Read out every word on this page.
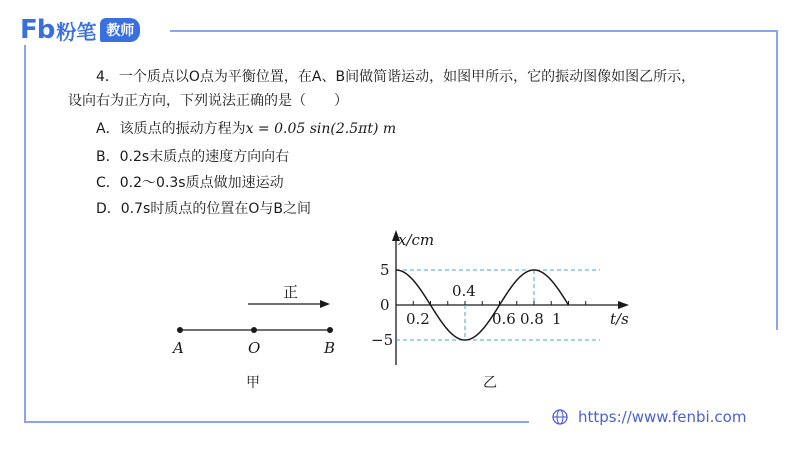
Fb 粉笔 教师
4．一个质点以O点为平衡位置，在A、B间做简谐运动，如图甲所示，它的振动图像如图乙所示，
设向右为正方向，下列说法正确的是（　　）
A．该质点的振动方程为x = 0.05 sin(2.5πt) m
B．0.2s末质点的速度方向向右
C．0.2～0.3s质点做加速运动
D．0.7s时质点的位置在O与B之间
正
A	O	B
甲
x/cm
t/s
5
0
−5
0.4
0.2	0.6 0.8 1
乙
https://www.fenbi.com
